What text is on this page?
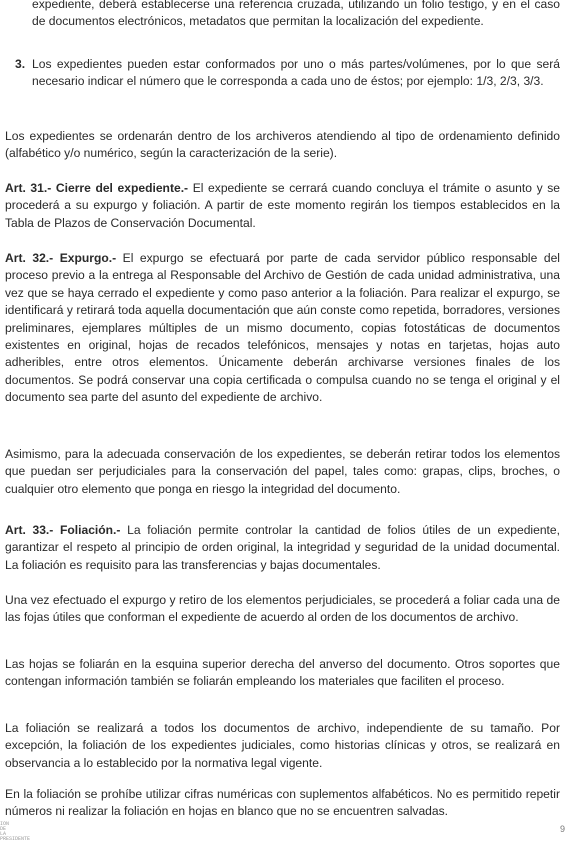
expediente, deberá establecerse una referencia cruzada, utilizando un folio testigo, y en el caso de documentos electrónicos, metadatos que permitan la localización del expediente.

3. Los expedientes pueden estar conformados por uno o más partes/volúmenes, por lo que será necesario indicar el número que le corresponda a cada uno de éstos; por ejemplo: 1/3, 2/3, 3/3.

Los expedientes se ordenarán dentro de los archiveros atendiendo al tipo de ordenamiento definido (alfabético y/o numérico, según la caracterización de la serie).

Art. 31.- Cierre del expediente.- El expediente se cerrará cuando concluya el trámite o asunto y se procederá a su expurgo y foliación. A partir de este momento regirán los tiempos establecidos en la Tabla de Plazos de Conservación Documental.

Art. 32.- Expurgo.- El expurgo se efectuará por parte de cada servidor público responsable del proceso previo a la entrega al Responsable del Archivo de Gestión de cada unidad administrativa, una vez que se haya cerrado el expediente y como paso anterior a la foliación. Para realizar el expurgo, se identificará y retirará toda aquella documentación que aún conste como repetida, borradores, versiones preliminares, ejemplares múltiples de un mismo documento, copias fotostáticas de documentos existentes en original, hojas de recados telefónicos, mensajes y notas en tarjetas, hojas auto adheribles, entre otros elementos. Únicamente deberán archivarse versiones finales de los documentos. Se podrá conservar una copia certificada o compulsa cuando no se tenga el original y el documento sea parte del asunto del expediente de archivo.

Asimismo, para la adecuada conservación de los expedientes, se deberán retirar todos los elementos que puedan ser perjudiciales para la conservación del papel, tales como: grapas, clips, broches, o cualquier otro elemento que ponga en riesgo la integridad del documento.

Art. 33.- Foliación.- La foliación permite controlar la cantidad de folios útiles de un expediente, garantizar el respeto al principio de orden original, la integridad y seguridad de la unidad documental. La foliación es requisito para las transferencias y bajas documentales.

Una vez efectuado el expurgo y retiro de los elementos perjudiciales, se procederá a foliar cada una de las fojas útiles que conforman el expediente de acuerdo al orden de los documentos de archivo.

Las hojas se foliarán en la esquina superior derecha del anverso del documento. Otros soportes que contengan información también se foliarán empleando los materiales que faciliten el proceso.

La foliación se realizará a todos los documentos de archivo, independiente de su tamaño. Por excepción, la foliación de los expedientes judiciales, como historias clínicas y otros, se realizará en observancia a lo establecido por la normativa legal vigente.

En la foliación se prohíbe utilizar cifras numéricas con suplementos alfabéticos. No es permitido repetir números ni realizar la foliación en hojas en blanco que no se encuentren salvadas.

ION DE LA PRESIDENTE
9
